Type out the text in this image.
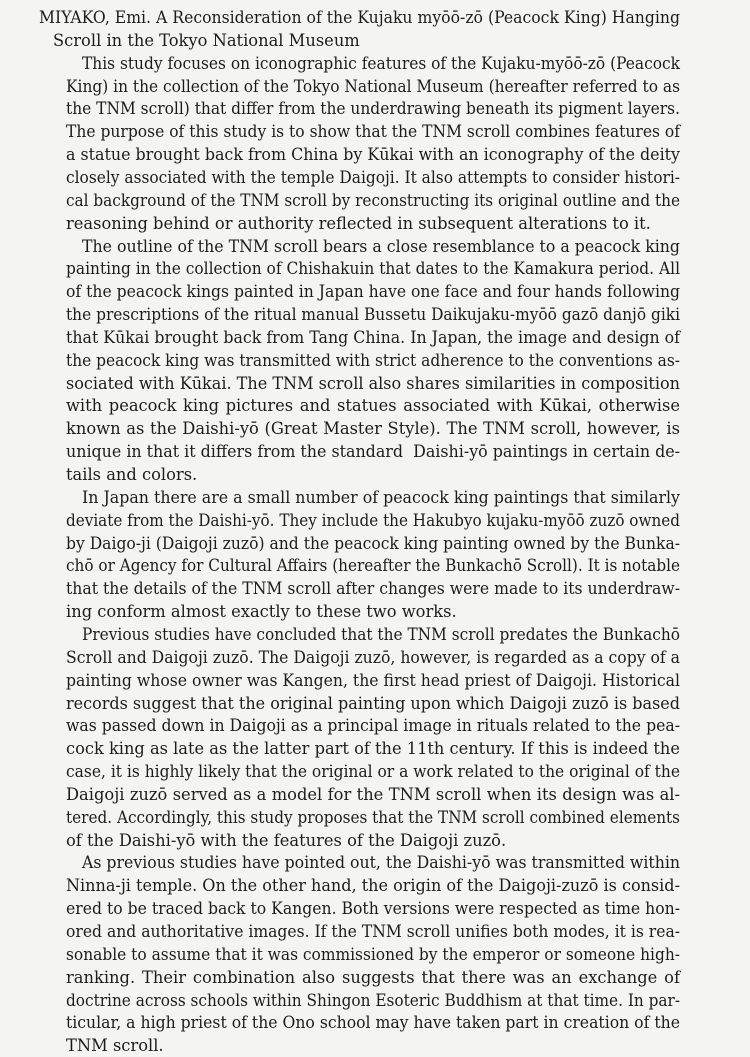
MIYAKO, Emi. A Reconsideration of the Kujaku myōō-zō (Peacock King) Hanging
Scroll in the Tokyo National Museum
This study focuses on iconographic features of the Kujaku-myōō-zō (Peacock
King) in the collection of the Tokyo National Museum (hereafter referred to as
the TNM scroll) that differ from the underdrawing beneath its pigment layers.
The purpose of this study is to show that the TNM scroll combines features of
a statue brought back from China by Kūkai with an iconography of the deity
closely associated with the temple Daigoji. It also attempts to consider histori-
cal background of the TNM scroll by reconstructing its original outline and the
reasoning behind or authority reflected in subsequent alterations to it.
The outline of the TNM scroll bears a close resemblance to a peacock king
painting in the collection of Chishakuin that dates to the Kamakura period. All
of the peacock kings painted in Japan have one face and four hands following
the prescriptions of the ritual manual Bussetu Daikujaku-myōō gazō danjō giki
that Kūkai brought back from Tang China. In Japan, the image and design of
the peacock king was transmitted with strict adherence to the conventions as-
sociated with Kūkai. The TNM scroll also shares similarities in composition
with peacock king pictures and statues associated with Kūkai, otherwise
known as the Daishi-yō (Great Master Style). The TNM scroll, however, is
unique in that it differs from the standard  Daishi-yō paintings in certain de-
tails and colors.
In Japan there are a small number of peacock king paintings that similarly
deviate from the Daishi-yō. They include the Hakubyo kujaku-myōō zuzō owned
by Daigo-ji (Daigoji zuzō) and the peacock king painting owned by the Bunka-
chō or Agency for Cultural Affairs (hereafter the Bunkachō Scroll). It is notable
that the details of the TNM scroll after changes were made to its underdraw-
ing conform almost exactly to these two works.
Previous studies have concluded that the TNM scroll predates the Bunkachō
Scroll and Daigoji zuzō. The Daigoji zuzō, however, is regarded as a copy of a
painting whose owner was Kangen, the first head priest of Daigoji. Historical
records suggest that the original painting upon which Daigoji zuzō is based
was passed down in Daigoji as a principal image in rituals related to the pea-
cock king as late as the latter part of the 11th century. If this is indeed the
case, it is highly likely that the original or a work related to the original of the
Daigoji zuzō served as a model for the TNM scroll when its design was al-
tered. Accordingly, this study proposes that the TNM scroll combined elements
of the Daishi-yō with the features of the Daigoji zuzō.
As previous studies have pointed out, the Daishi-yō was transmitted within
Ninna-ji temple. On the other hand, the origin of the Daigoji-zuzō is consid-
ered to be traced back to Kangen. Both versions were respected as time hon-
ored and authoritative images. If the TNM scroll unifies both modes, it is rea-
sonable to assume that it was commissioned by the emperor or someone high-
ranking. Their combination also suggests that there was an exchange of
doctrine across schools within Shingon Esoteric Buddhism at that time. In par-
ticular, a high priest of the Ono school may have taken part in creation of the
TNM scroll.
